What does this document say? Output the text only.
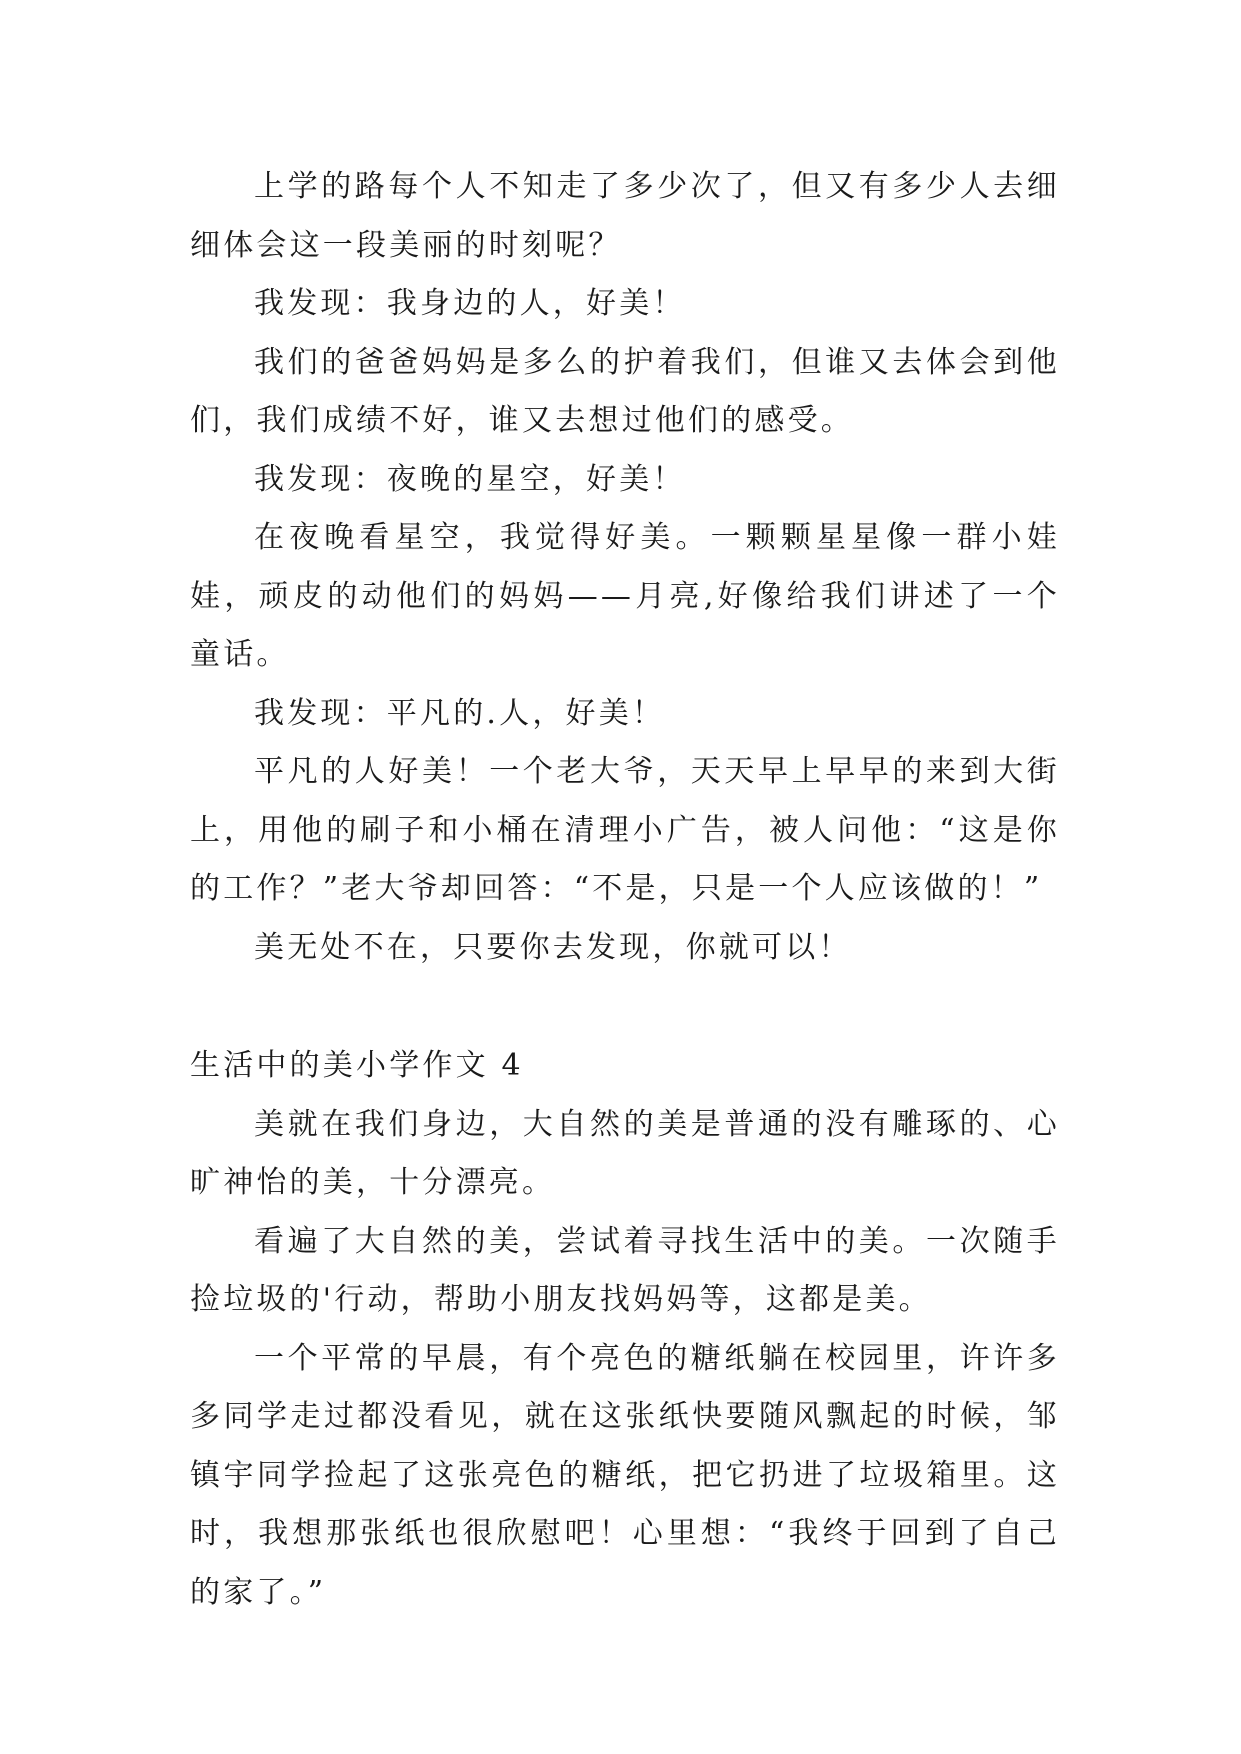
上学的路每个人不知走了多少次了，但又有多少人去细细体会这一段美丽的时刻呢？

我发现：我身边的人，好美！

我们的爸爸妈妈是多么的护着我们，但谁又去体会到他们，我们成绩不好，谁又去想过他们的感受。

我发现：夜晚的星空，好美！

在夜晚看星空，我觉得好美。一颗颗星星像一群小娃娃，顽皮的动他们的妈妈——月亮,好像给我们讲述了一个童话。

我发现：平凡的.人，好美！

平凡的人好美！一个老大爷，天天早上早早的来到大街上，用他的刷子和小桶在清理小广告，被人问他：“这是你的工作？”老大爷却回答：“不是，只是一个人应该做的！”

美无处不在，只要你去发现，你就可以！

生活中的美小学作文 4

美就在我们身边，大自然的美是普通的没有雕琢的、心旷神怡的美，十分漂亮。

看遍了大自然的美，尝试着寻找生活中的美。一次随手捡垃圾的'行动，帮助小朋友找妈妈等，这都是美。

一个平常的早晨，有个亮色的糖纸躺在校园里，许许多多同学走过都没看见，就在这张纸快要随风飘起的时候，邹镇宇同学捡起了这张亮色的糖纸，把它扔进了垃圾箱里。这时，我想那张纸也很欣慰吧！心里想：“我终于回到了自己的家了。”
